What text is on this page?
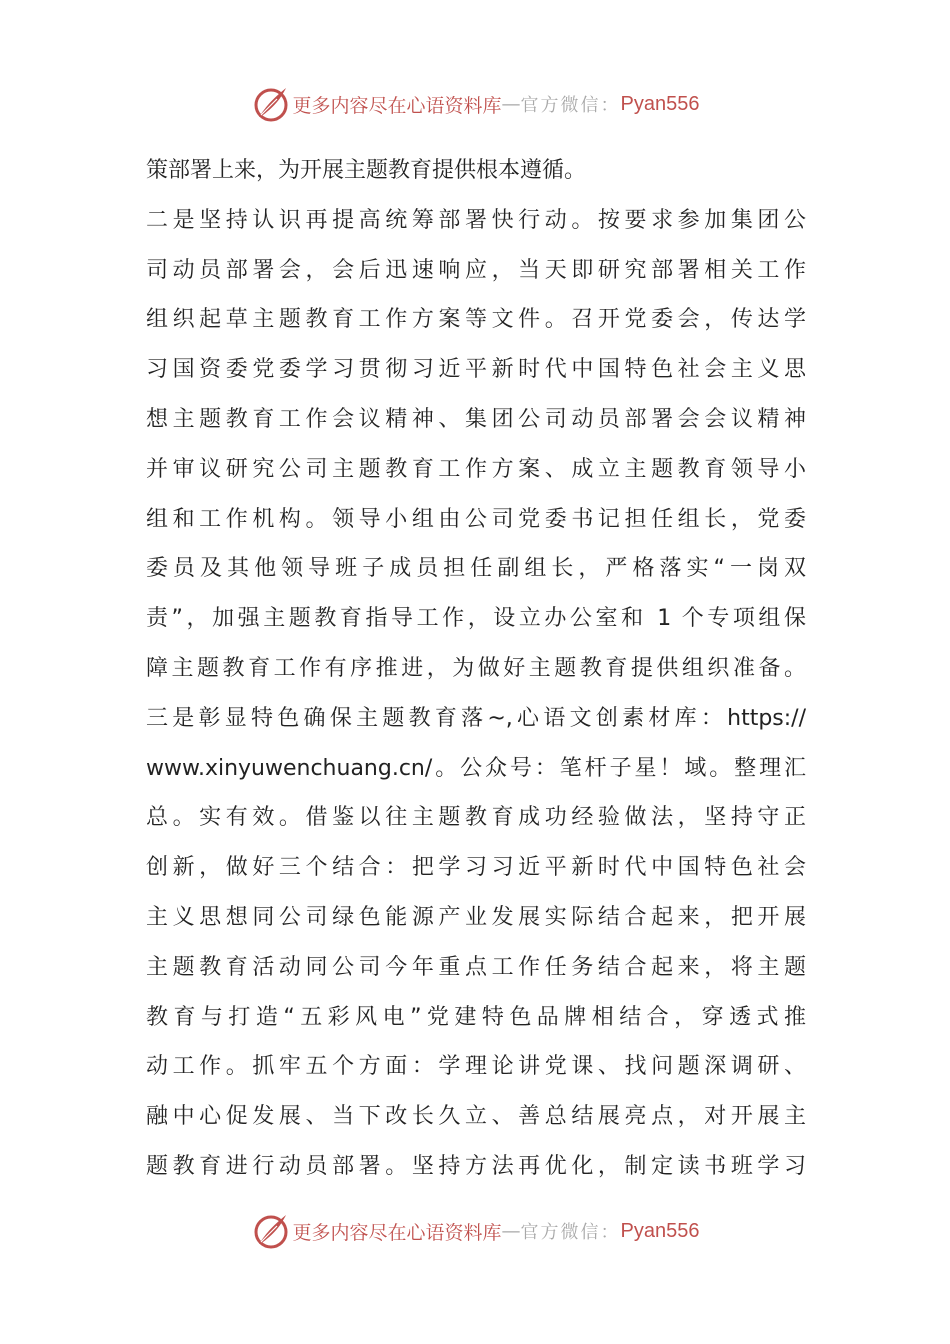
更多内容尽在心语资料库 — 官方微信： Pyan556
策部署上来，为开展主题教育提供根本遵循。
二是坚持认识再提高统筹部署快行动。按要求参加集团公
司动员部署会，会后迅速响应，当天即研究部署相关工作
组织起草主题教育工作方案等文件。召开党委会，传达学
习国资委党委学习贯彻习近平新时代中国特色社会主义思
想主题教育工作会议精神、集团公司动员部署会会议精神
并审议研究公司主题教育工作方案、成立主题教育领导小
组和工作机构。领导小组由公司党委书记担任组长，党委
委员及其他领导班子成员担任副组长，严格落实“一岗双
责”，加强主题教育指导工作，设立办公室和 1 个专项组保
障主题教育工作有序推进，为做好主题教育提供组织准备。
三是彰显特色确保主题教育落~,心语文创素材库：https://
www.xinyuwenchuang.cn/。公众号：笔杆子星！域。整理汇
总。实有效。借鉴以往主题教育成功经验做法，坚持守正
创新，做好三个结合：把学习习近平新时代中国特色社会
主义思想同公司绿色能源产业发展实际结合起来，把开展
主题教育活动同公司今年重点工作任务结合起来，将主题
教育与打造“五彩风电”党建特色品牌相结合，穿透式推
动工作。抓牢五个方面：学理论讲党课、找问题深调研、
融中心促发展、当下改长久立、善总结展亮点，对开展主
题教育进行动员部署。坚持方法再优化，制定读书班学习
更多内容尽在心语资料库 — 官方微信： Pyan556
